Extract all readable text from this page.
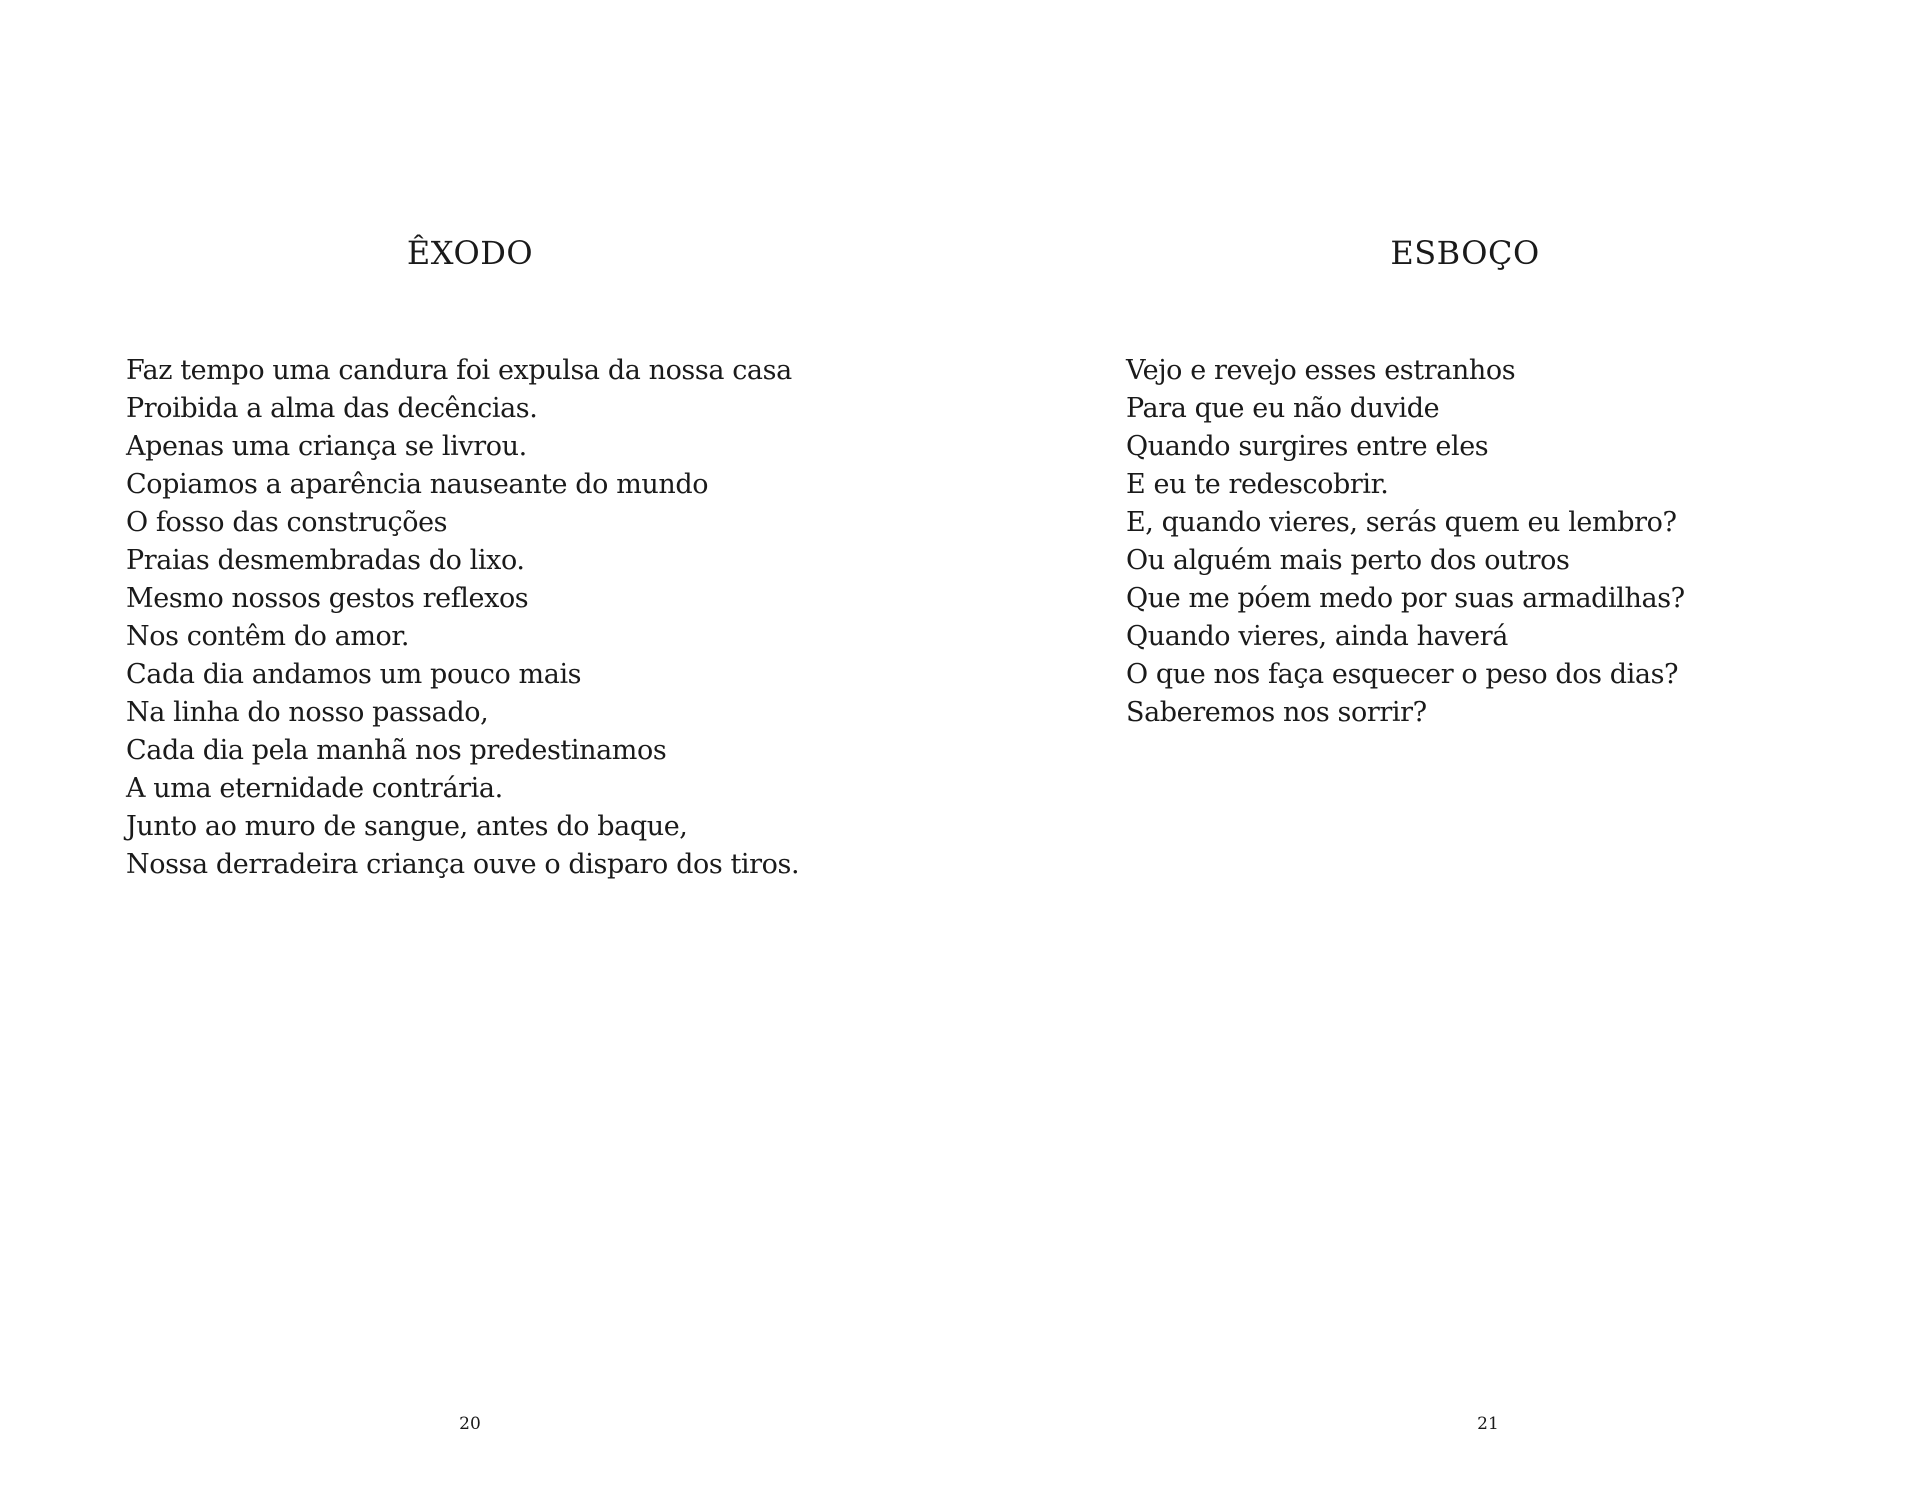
ÊXODO
Faz tempo uma candura foi expulsa da nossa casa
Proibida a alma das decências.
Apenas uma criança se livrou.
Copiamos a aparência nauseante do mundo
O fosso das construções
Praias desmembradas do lixo.
Mesmo nossos gestos reflexos
Nos contêm do amor.
Cada dia andamos um pouco mais
Na linha do nosso passado,
Cada dia pela manhã nos predestinamos
A uma eternidade contrária.
Junto ao muro de sangue, antes do baque,
Nossa derradeira criança ouve o disparo dos tiros.
20
ESBOÇO
Vejo e revejo esses estranhos
Para que eu não duvide
Quando surgires entre eles
E eu te redescobrir.
E, quando vieres, serás quem eu lembro?
Ou alguém mais perto dos outros
Que me póem medo por suas armadilhas?
Quando vieres, ainda haverá
O que nos faça esquecer o peso dos dias?
Saberemos nos sorrir?
21
